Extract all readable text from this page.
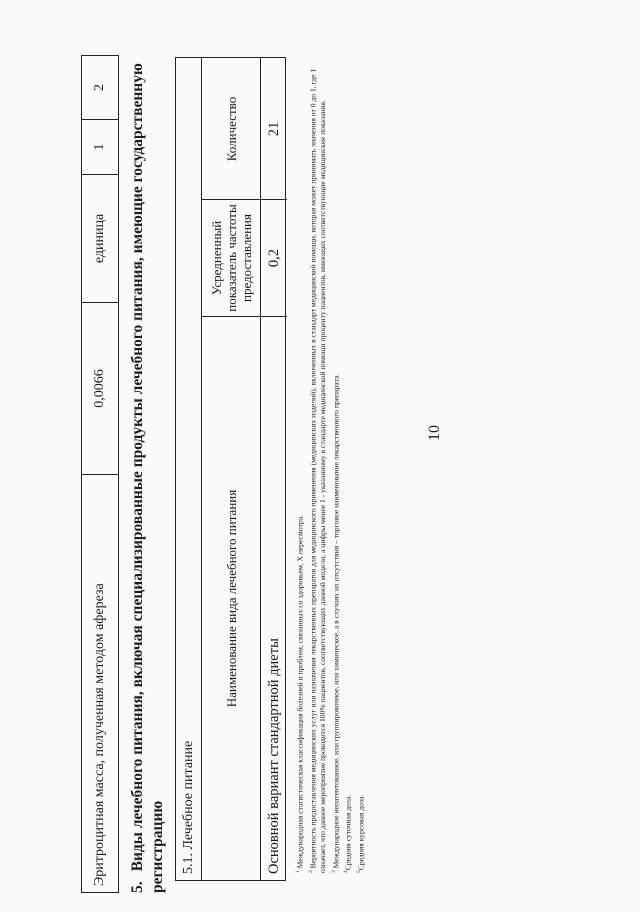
10
Эритроцитная масса, полученная методом афереза
0,0066
единица
1
2
5.Виды лечебного питания, включая специализированные продукты лечебного питания, имеющие государственную регистрацию	5.1. Лечебное питание
Наименование вида лечебного питания
Усредненный показатель частоты предоставления
Количество
Основной вариант стандартной диеты
0,2
21

$^1$ Международная статистическая классификация болезней и проблем, связанных со здоровьем, X пересмотра.

$^2$ Вероятность предоставления медицинских услуг или назначения лекарственных препаратов для медицинского применения (медицинских изделий), включенных в стандарт медицинской помощи, которая может принимать значения от 0 до 1, где 1 означает, что данное мероприятие проводится 100% пациентов, соответствующих данной модели, а цифры менее 1 - указанному в стандарте медицинской помощи проценту пациентов, имеющих соответствующие медицинские показания. $^3$ Международное непатентованное, или группировочное, или химическое, а в случаях их отсутствия – торговое наименование лекарственного препарата.

$^4$Средняя суточная доза.

$^5$Средняя курсовая доза.
